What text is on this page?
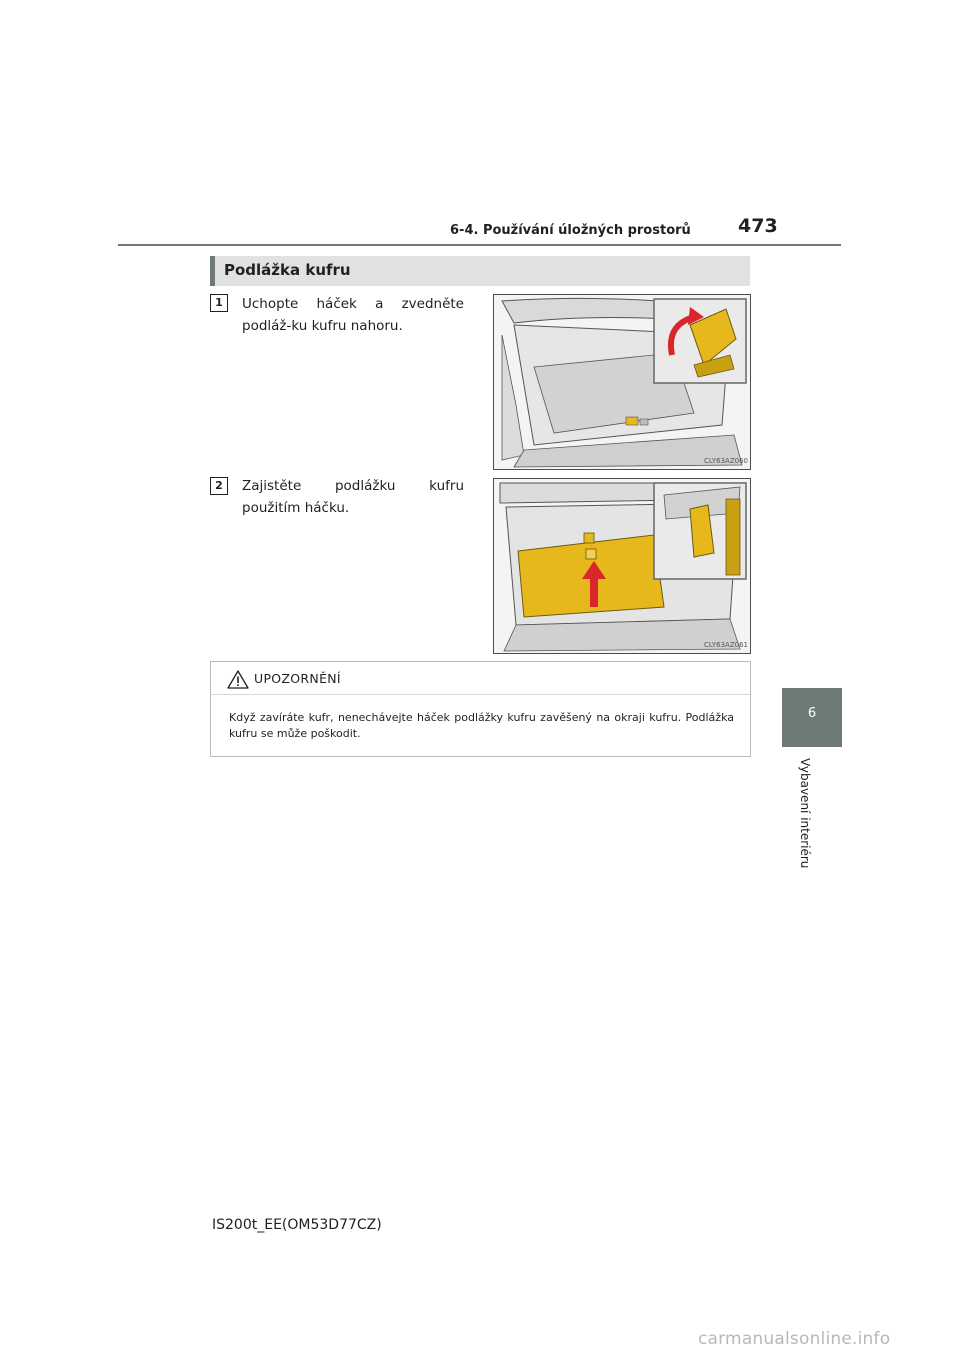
6-4. Používání úložných prostorů 473
6
Vybavení interiéru
Podlážka kufru
1	Uchopte háček a zvedněte podláž-ku kufru nahoru.
CLY63AZ060
2	Zajistěte podlážku kufru použitím háčku.
CLY63AZ061
UPOZORNĚNÍ
Když zavíráte kufr, nenechávejte háček podlážky kufru zavěšený na okraji kufru. Podlážka kufru se může poškodit.
IS200t_EE(OM53D77CZ)
carmanualsonline.info
